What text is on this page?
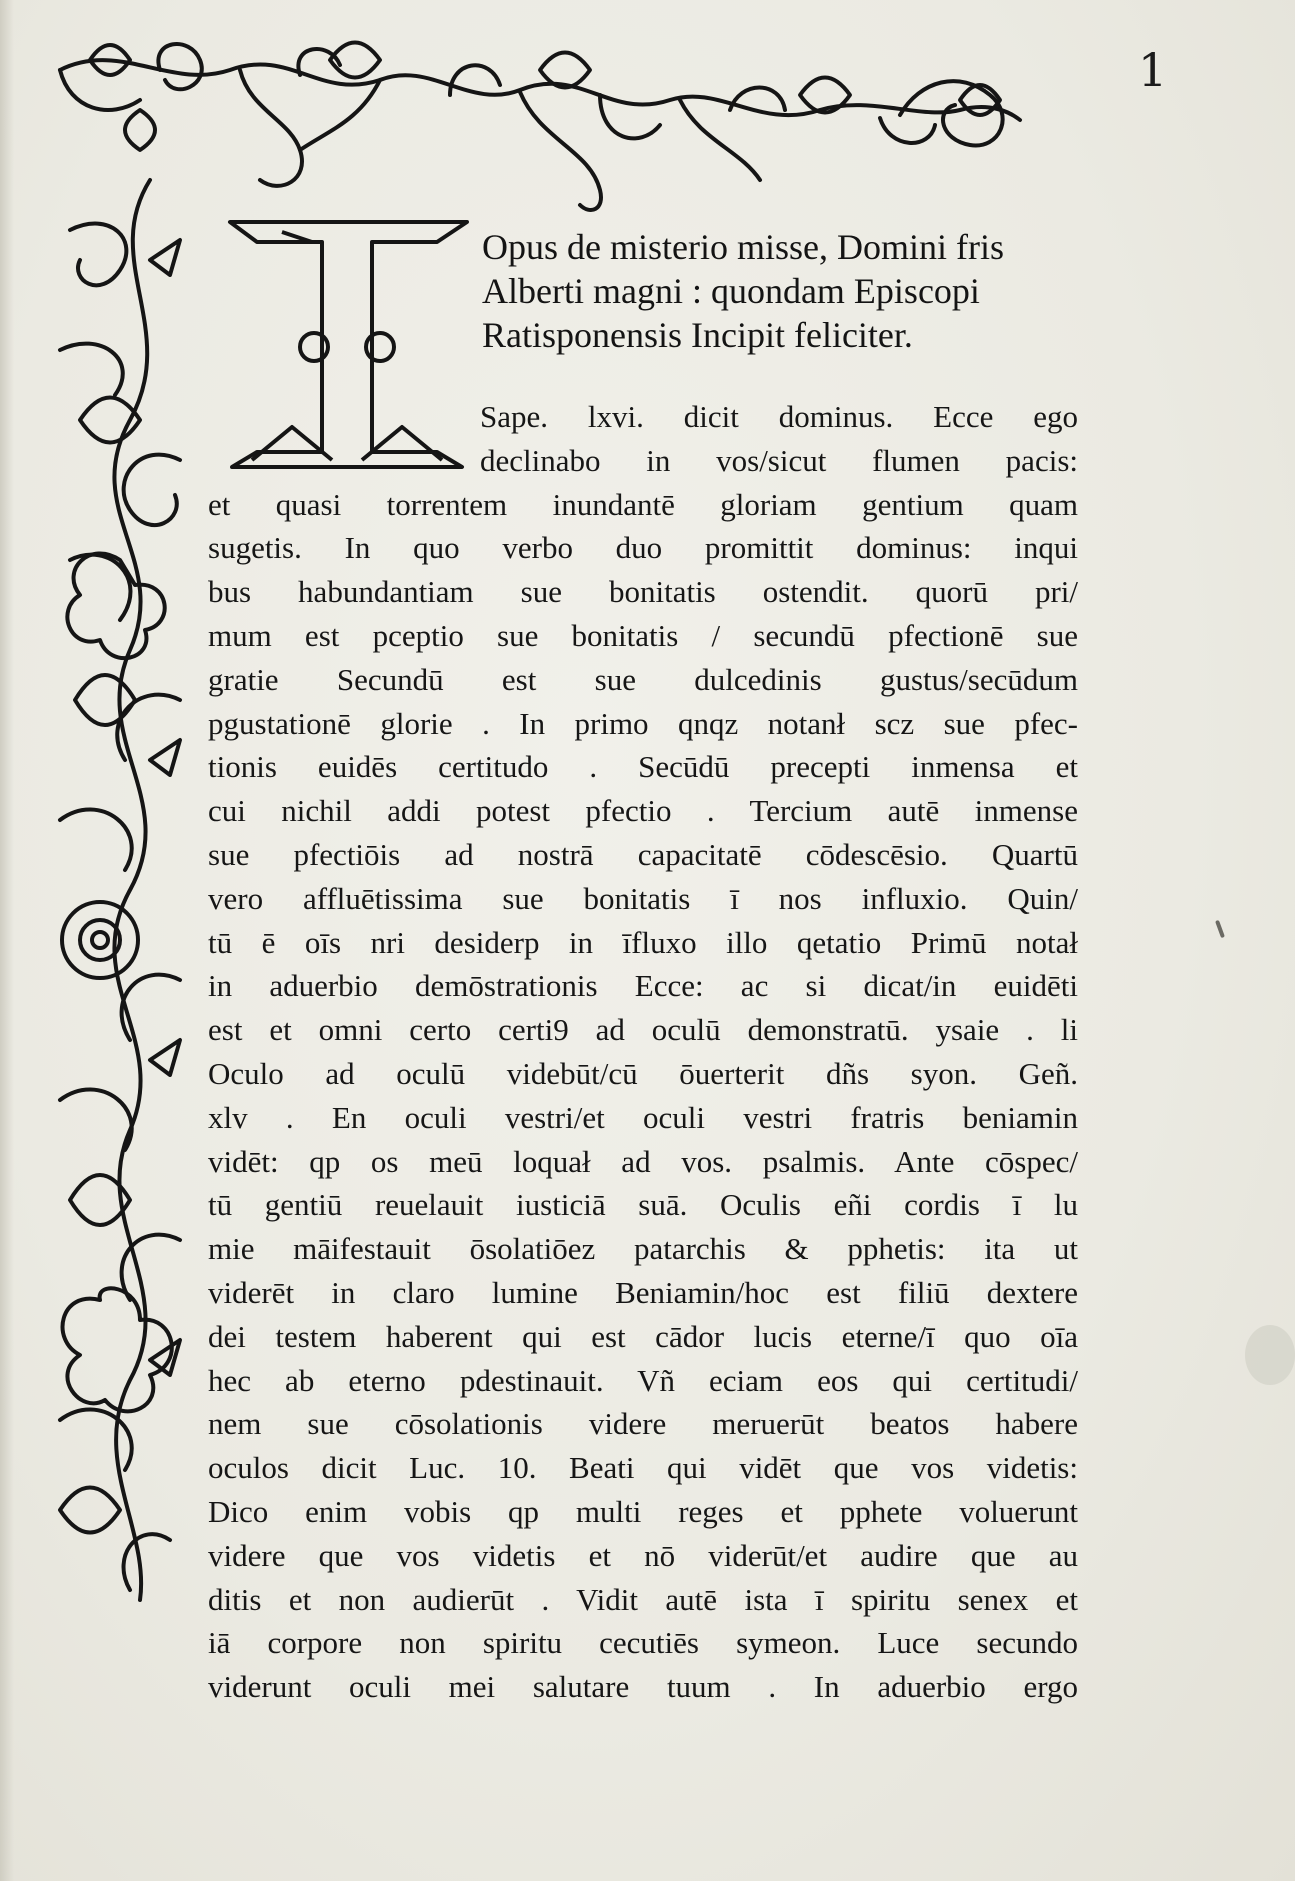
1
Opus de misterio misse, Domini fris
Alberti magni : quondam Episcopi
Ratisponensis Incipit feliciter.
Sape. lxvi. dicit dominus. Ecce ego
declinabo in vos/sicut flumen pacis:
et quasi torrentem inundantē gloriam gentium quam
sugetis. In quo verbo duo promittit dominus: inqui
bus habundantiam sue bonitatis ostendit. quorū pri/
mum est pceptio sue bonitatis / secundū pfectionē sue
gratie Secundū est sue dulcedinis gustus/secūdum
pgustationē glorie . In primo qnqz notanł scz sue pfec-
tionis euidēs certitudo . Secūdū precepti inmensa et
cui nichil addi potest pfectio . Tercium autē inmense
sue pfectiōis ad nostrā capacitatē cōdescēsio. Quartū
vero affluētissima sue bonitatis ī nos influxio. Quin/
tū ē oīs nri desiderp in īfluxo illo qetatio Primū notał
in aduerbio demōstrationis Ecce: ac si dicat/in euidēti
est et omni certo certi9 ad oculū demonstratū. ysaie . li
Oculo ad oculū videbūt/cū ōuerterit dñs syon. Geñ.
xlv . En oculi vestri/et oculi vestri fratris beniamin
vidēt: qp os meū loquał ad vos. psalmis. Ante cōspec/
tū gentiū reuelauit iusticiā suā. Oculis eñi cordis ī lu
mie māifestauit ōsolatiōez patarchis & pphetis: ita ut
viderēt in claro lumine Beniamin/hoc est filiū dextere
dei testem haberent qui est cādor lucis eterne/ī quo oīa
hec ab eterno pdestinauit. Vñ eciam eos qui certitudi/
nem sue cōsolationis videre meruerūt beatos habere
oculos dicit Luc. 10. Beati qui vidēt que vos videtis:
Dico enim vobis qp multi reges et pphete voluerunt
videre que vos videtis et nō viderūt/et audire que au
ditis et non audierūt . Vidit autē ista ī spiritu senex et
iā corpore non spiritu cecutiēs symeon. Luce secundo
viderunt oculi mei salutare tuum . In aduerbio ergo
